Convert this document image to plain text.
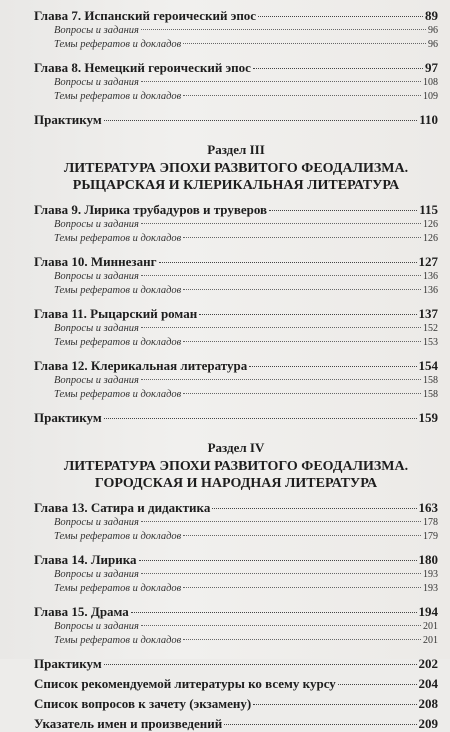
Глава 7. Испанский героический эпос	89
Вопросы и задания	96
Темы рефератов и докладов	96
Глава 8. Немецкий героический эпос	97
Вопросы и задания	108
Темы рефератов и докладов	109
Практикум	110
Раздел III
ЛИТЕРАТУРА ЭПОХИ РАЗВИТОГО ФЕОДАЛИЗМА.
РЫЦАРСКАЯ И КЛЕРИКАЛЬНАЯ ЛИТЕРАТУРА
Глава 9. Лирика трубадуров и труверов	115
Вопросы и задания	126
Темы рефератов и докладов	126
Глава 10. Миннезанг	127
Вопросы и задания	136
Темы рефератов и докладов	136
Глава 11. Рыцарский роман	137
Вопросы и задания	152
Темы рефератов и докладов	153
Глава 12. Клерикальная литература	154
Вопросы и задания	158
Темы рефератов и докладов	158
Практикум	159
Раздел IV
ЛИТЕРАТУРА ЭПОХИ РАЗВИТОГО ФЕОДАЛИЗМА.
ГОРОДСКАЯ И НАРОДНАЯ ЛИТЕРАТУРА
Глава 13. Сатира и дидактика	163
Вопросы и задания	178
Темы рефератов и докладов	179
Глава 14. Лирика	180
Вопросы и задания	193
Темы рефератов и докладов	193
Глава 15. Драма	194
Вопросы и задания	201
Темы рефератов и докладов	201
Практикум	202
Список рекомендуемой литературы ко всему курсу	204
Список вопросов к зачету (экзамену)	208
Указатель имен и произведений	209
